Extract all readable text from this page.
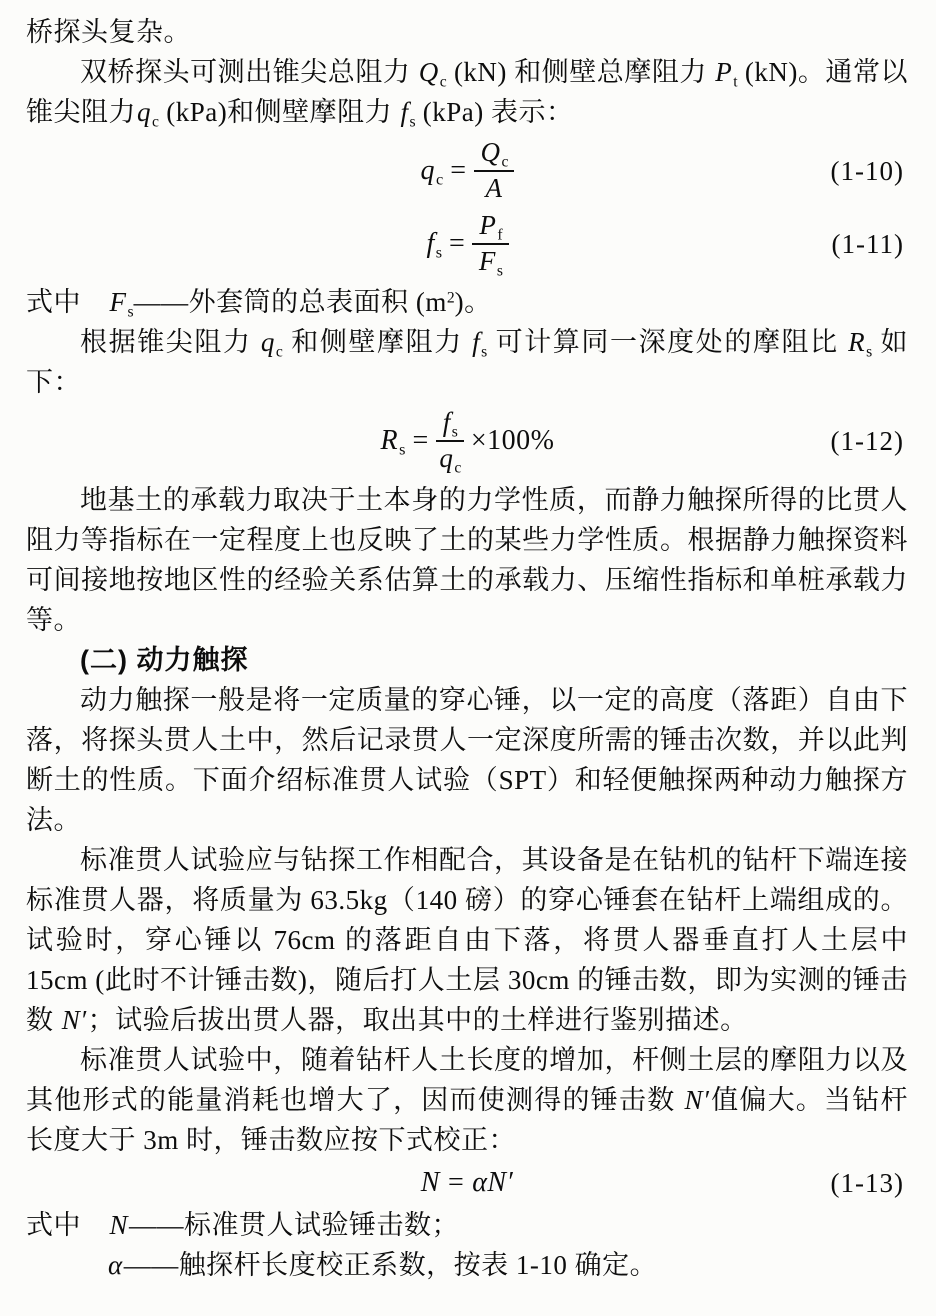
桥探头复杂。

双桥探头可测出锥尖总阻力 $Q_c$ (kN) 和侧壁总摩阻力 $P_t$ (kN)。通常以锥尖阻力$q_c$ (kPa)和侧壁摩阻力 $f_s$ (kPa) 表示：

$q_c = \frac{Q_c}{A}$	(1-10)
$f_s = \frac{P_f}{F_s}$	(1-11)

式中　$F_s——$外套筒的总表面积 $(m^2)$。

根据锥尖阻力 $q_c$ 和侧壁摩阻力 $f_s$ 可计算同一深度处的摩阻比 $R_s$ 如下：

$R_s = \frac{f_s}{q_c} \times 100\%$	(1-12)

地基土的承载力取决于土本身的力学性质，而静力触探所得的比贯人阻力等指标在一定程度上也反映了土的某些力学性质。根据静力触探资料可间接地按地区性的经验关系估算土的承载力、压缩性指标和单桩承载力等。

(二) 动力触探

动力触探一般是将一定质量的穿心锤，以一定的高度（落距）自由下落，将探头贯人土中，然后记录贯人一定深度所需的锤击次数，并以此判断土的性质。下面介绍标准贯人试验（SPT）和轻便触探两种动力触探方法。

标准贯人试验应与钻探工作相配合，其设备是在钻机的钻杆下端连接标准贯人器，将质量为 63.5kg（140 磅）的穿心锤套在钻杆上端组成的。试验时，穿心锤以 76cm 的落距自由下落，将贯人器垂直打人土层中 15cm (此时不计锤击数)，随后打人土层 30cm 的锤击数，即为实测的锤击数 N′；试验后拔出贯人器，取出其中的土样进行鉴别描述。

标准贯人试验中，随着钻杆人土长度的增加，杆侧土层的摩阻力以及其他形式的能量消耗也增大了，因而使测得的锤击数 N′值偏大。当钻杆长度大于 3m 时，锤击数应按下式校正：

N = αN′	(1-13)

式中　N——标准贯人试验锤击数；

α——触探杆长度校正系数，按表 1-10 确定。
